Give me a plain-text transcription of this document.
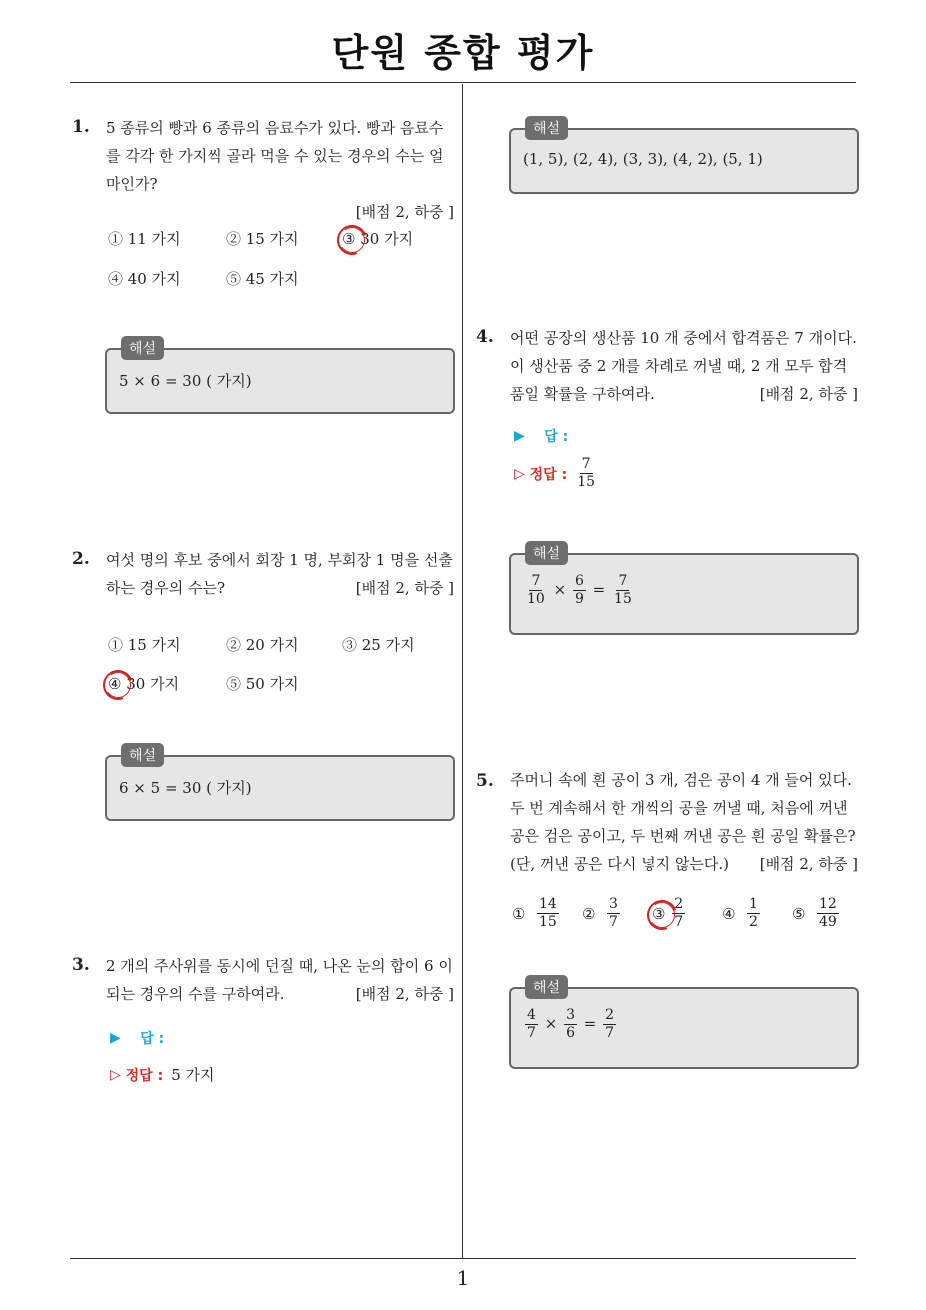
단원 종합 평가
1
1. 5 종류의 빵과 6 종류의 음료수가 있다. 빵과 음료수를 각각 한 가지씩 골라 먹을 수 있는 경우의 수는 얼마인가?

[배점 2, 하중 ]
① 11 가지	② 15 가지	③
30 가지
④ 40 가지	⑤ 45 가지
해설
5 × 6 = 30 ( 가지)
2. 여섯 명의 후보 중에서 회장 1 명, 부회장 1 명을 선출하는 경우의 수는?	[배점 2, 하중 ]
① 15 가지	② 20 가지	③ 25 가지
④
30 가지	⑤ 50 가지
해설
6 × 5 = 30 ( 가지)
3. 2 개의 주사위를 동시에 던질 때, 나온 눈의 합이 6 이 되는 경우의 수를 구하여라.	[배점 2, 하중 ]
▶
답 :
▷
정답 : 5 가지
해설
(1, 5), (2, 4), (3, 3), (4, 2), (5, 1)
4. 어떤 공장의 생산품 10 개 중에서 합격품은 7 개이다. 이 생산품 중 2 개를 차례로 꺼낼 때, 2 개 모두 합격품일 확률을 구하여라.	[배점 2, 하중 ]
▶
답 :
▷
정답 : $\frac{7}{15}$
해설
$\frac{7}{10} \times \frac{6}{9} = \frac{7}{15}$
5. 주머니 속에 흰 공이 3 개, 검은 공이 4 개 들어 있다. 두 번 계속해서 한 개씩의 공을 꺼낼 때, 처음에 꺼낸 공은 검은 공이고, 두 번째 꺼낸 공은 흰 공일 확률은? (단, 꺼낸 공은 다시 넣지 않는다.) [배점 2, 하중 ]
①
$\frac{14}{15}$ ②
$\frac{3}{7}$ ③
$\frac{2}{7}$ ④
$\frac{1}{2}$ ⑤
$\frac{12}{49}$
해설
$\frac{4}{7} \times \frac{3}{6} = \frac{2}{7}$
